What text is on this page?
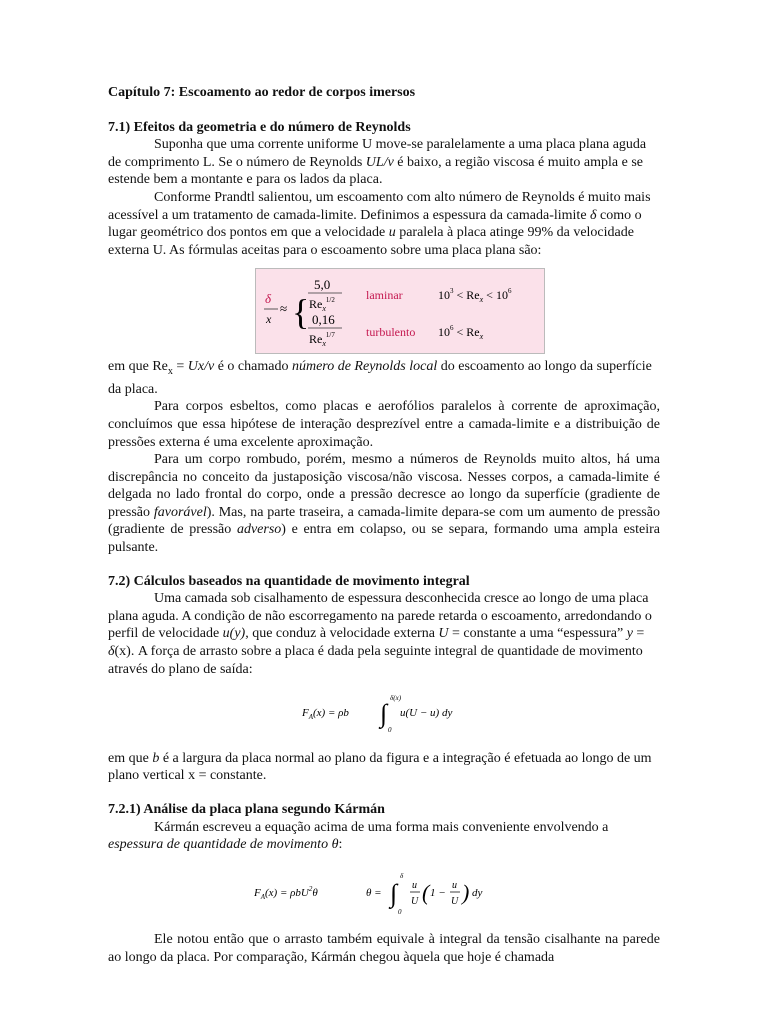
Capítulo 7: Escoamento ao redor de corpos imersos
7.1) Efeitos da geometria e do número de Reynolds

Suponha que uma corrente uniforme U move-se paralelamente a uma placa plana aguda de comprimento L. Se o número de Reynolds UL/ν é baixo, a região viscosa é muito ampla e se estende bem a montante e para os lados da placa.

Conforme Prandtl salientou, um escoamento com alto número de Reynolds é muito mais acessível a um tratamento de camada-limite. Definimos a espessura da camada-limite δ como o lugar geométrico dos pontos em que a velocidade u paralela à placa atinge 99% da velocidade externa U. As fórmulas aceitas para o escoamento sobre uma placa plana são:

δ
x
≈ {
5,0
$Re_x^{1/2}$	laminar	$10^3 < Re_x < 10^6$
0,16
$Re_x^{1/7}$	turbulento $10^6 < Re_x$

em que $Re_x = Ux/\nu$ é o chamado número de Reynolds local do escoamento ao longo da superfície da placa.

Para corpos esbeltos, como placas e aerofólios paralelos à corrente de aproximação, concluímos que essa hipótese de interação desprezível entre a camada-limite e a distribuição de pressões externa é uma excelente aproximação.

Para um corpo rombudo, porém, mesmo a números de Reynolds muito altos, há uma discrepância no conceito da justaposição viscosa/não viscosa. Nesses corpos, a camada-limite é delgada no lado frontal do corpo, onde a pressão decresce ao longo da superfície (gradiente de pressão favorável). Mas, na parte traseira, a camada-limite depara-se com um aumento de pressão (gradiente de pressão adverso) e entra em colapso, ou se separa, formando uma ampla esteira pulsante.

7.2) Cálculos baseados na quantidade de movimento integral

Uma camada sob cisalhamento de espessura desconhecida cresce ao longo de uma placa plana aguda. A condição de não escorregamento na parede retarda o escoamento, arredondando o perfil de velocidade u(y), que conduz à velocidade externa U = constante a uma “espessura” y = δ(x). A força de arrasto sobre a placa é dada pela seguinte integral de quantidade de movimento através do plano de saída:

$F_A(x) = \rho b$ ∫
δ(x)
0
u(U − u) dy

em que b é a largura da placa normal ao plano da figura e a integração é efetuada ao longo de um plano vertical x = constante.

7.2.1) Análise da placa plana segundo Kármán

Kármán escreveu a equação acima de uma forma mais conveniente envolvendo a espessura de quantidade de movimento θ:

$F_A(x) = \rho bU^2\theta$	θ = ∫
δ
0
u
U ( 1 −
u
U ) dy

Ele notou então que o arrasto também equivale à integral da tensão cisalhante na parede ao longo da placa. Por comparação, Kármán chegou àquela que hoje é chamada
